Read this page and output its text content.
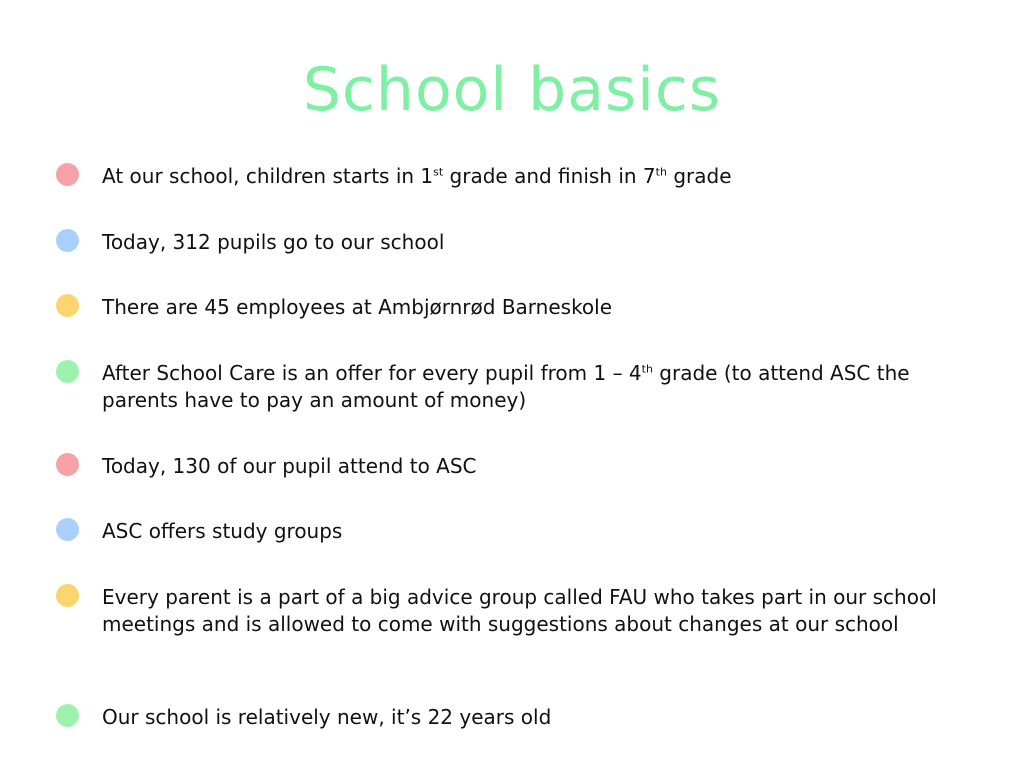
School basics
At our school, children starts in 1st grade and finish in 7th grade
Today, 312 pupils go to our school
There are 45 employees at Ambjørnrød Barneskole
After School Care is an offer for every pupil from 1 – 4th grade (to attend ASC the parents have to pay an amount of money)
Today, 130 of our pupil attend to ASC
ASC offers study groups
Every parent is a part of a big advice group called FAU who takes part in our school meetings and is allowed to come with suggestions about changes at our school
Our school is relatively new, it’s 22 years old
